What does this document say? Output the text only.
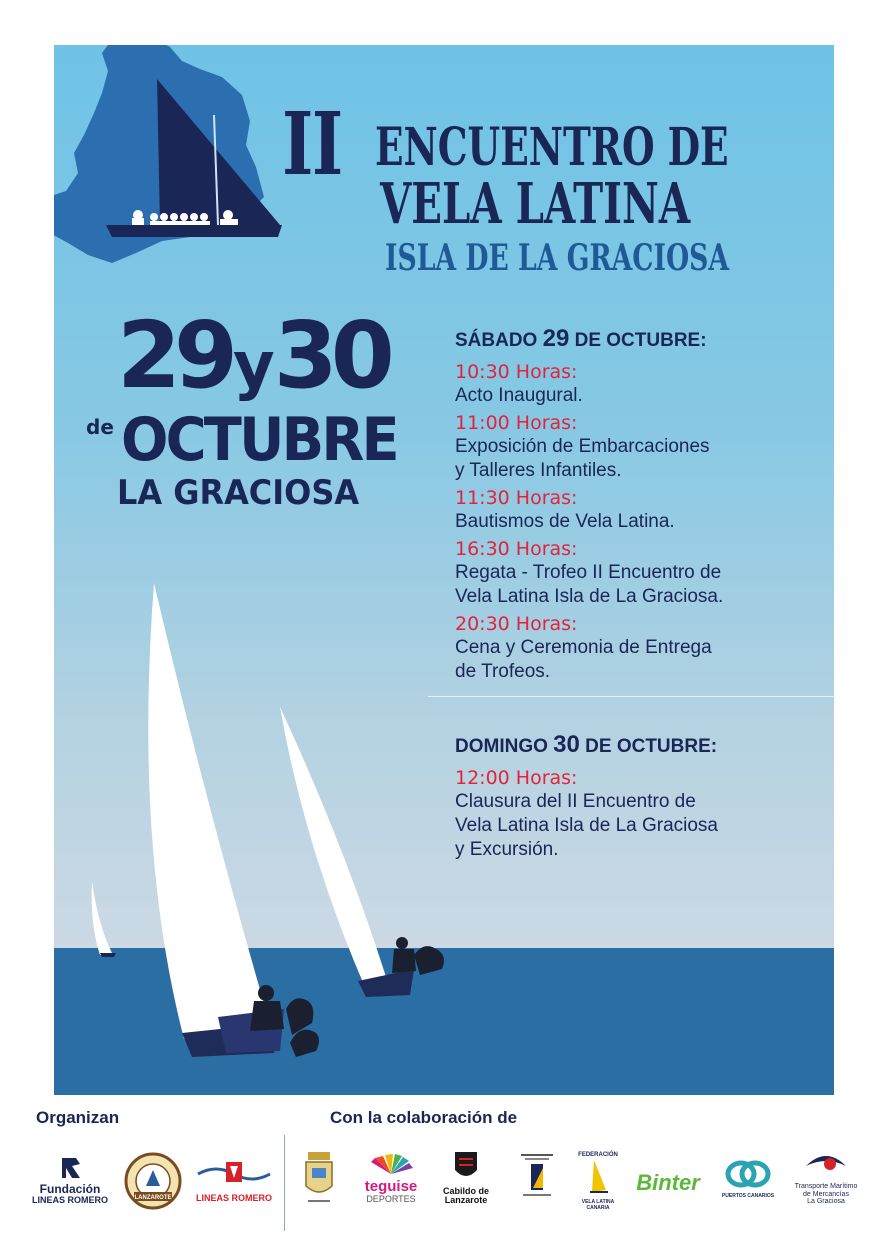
II ENCUENTRO DE
VELA LATINA
ISLA DE LA GRACIOSA
29y30
de OCTUBRE
LA GRACIOSA
SÁBADO 29 DE OCTUBRE:
10:30 Horas:
Acto Inaugural.
11:00 Horas:
Exposición de Embarcaciones
y Talleres Infantiles.
11:30 Horas:
Bautismos de Vela Latina.
16:30 Horas:
Regata - Trofeo II Encuentro de
Vela Latina Isla de La Graciosa.
20:30 Horas:
Cena y Ceremonia de Entrega
de Trofeos.
DOMINGO 30 DE OCTUBRE:
12:00 Horas:
Clausura del II Encuentro de
Vela Latina Isla de La Graciosa
y Excursión.
Organizan	Con la colaboración de
Fundación
LINEAS ROMERO	LANZAROTE	LINEAS ROMERO
teguise
DEPORTES
Cabildo de
Lanzarote
FEDERACIÓN
VELA LATINA CANARIA
Binter
PUERTOS CANARIOS
Transporte Marítimo
de Mercancías
La Graciosa
